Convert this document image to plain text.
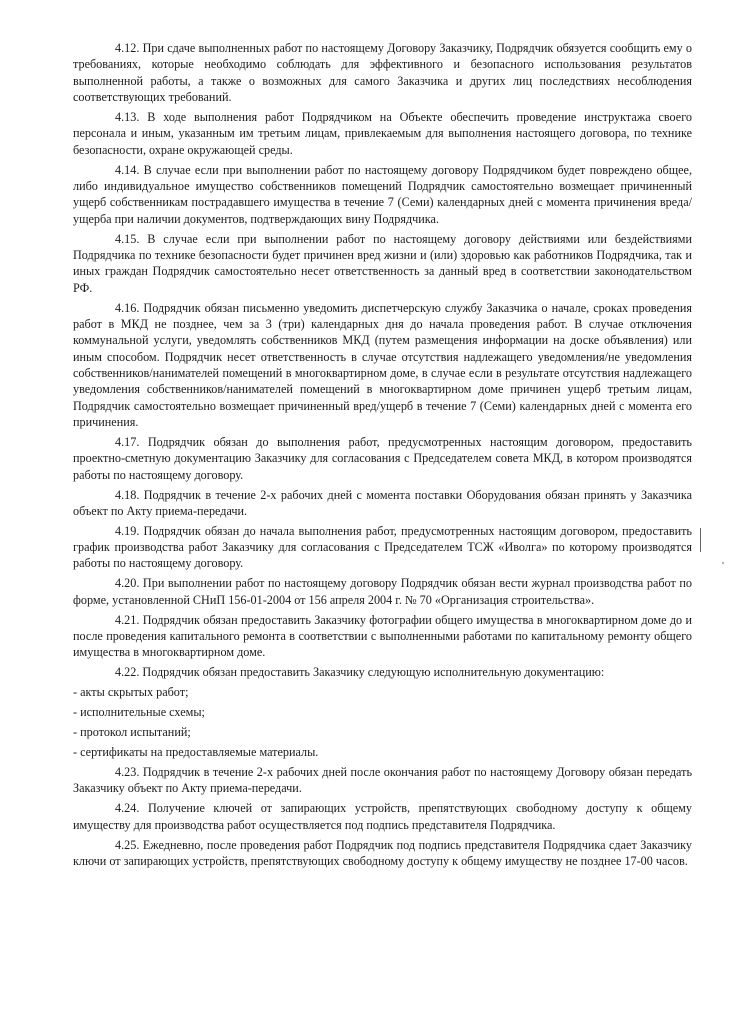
4.12. При сдаче выполненных работ по настоящему Договору Заказчику, Подрядчик обязуется сообщить ему о требованиях, которые необходимо соблюдать для эффективного и безопасного использования результатов выполненной работы, а также о возможных для самого Заказчика и других лиц последствиях несоблюдения соответствующих требований.

4.13. В ходе выполнения работ Подрядчиком на Объекте обеспечить проведение инструктажа своего персонала и иным, указанным им третьим лицам, привлекаемым для выполнения настоящего договора, по технике безопасности, охране окружающей среды.

4.14. В случае если при выполнении работ по настоящему договору Подрядчиком будет повреждено общее, либо индивидуальное имущество собственников помещений Подрядчик самостоятельно возмещает причиненный ущерб собственникам пострадавшего имущества в течение 7 (Семи) календарных дней с момента причинения вреда/ ущерба при наличии документов, подтверждающих вину Подрядчика.

4.15. В случае если при выполнении работ по настоящему договору действиями или бездействиями Подрядчика по технике безопасности будет причинен вред жизни и (или) здоровью как работников Подрядчика, так и иных граждан Подрядчик самостоятельно несет ответственность за данный вред в соответствии законодательством РФ.

4.16. Подрядчик обязан письменно уведомить диспетчерскую службу Заказчика о начале, сроках проведения работ в МКД не позднее, чем за 3 (три) календарных дня до начала проведения работ. В случае отключения коммунальной услуги, уведомлять собственников МКД (путем размещения информации на доске объявления) или иным способом. Подрядчик несет ответственность в случае отсутствия надлежащего уведомления/не уведомления собственников/нанимателей помещений в многоквартирном доме, в случае если в результате отсутствия надлежащего уведомления собственников/нанимателей помещений в многоквартирном доме причинен ущерб третьим лицам, Подрядчик самостоятельно возмещает причиненный вред/ущерб в течение 7 (Семи) календарных дней с момента его причинения.

4.17. Подрядчик обязан до выполнения работ, предусмотренных настоящим договором, предоставить проектно-сметную документацию Заказчику для согласования с Председателем совета МКД, в котором производятся работы по настоящему договору.

4.18. Подрядчик в течение 2-х рабочих дней с момента поставки Оборудования обязан принять у Заказчика объект по Акту приема-передачи.

4.19. Подрядчик обязан до начала выполнения работ, предусмотренных настоящим договором, предоставить график производства работ Заказчику для согласования с Председателем ТСЖ «Иволга» по которому производятся работы по настоящему договору.

4.20. При выполнении работ по настоящему договору Подрядчик обязан вести журнал производства работ по форме, установленной СНиП 156-01-2004 от 156 апреля 2004 г. № 70 «Организация строительства».

4.21. Подрядчик обязан предоставить Заказчику фотографии общего имущества в многоквартирном доме до и после проведения капитального ремонта в соответствии с выполненными работами по капитальному ремонту общего имущества в многоквартирном доме.

4.22. Подрядчик обязан предоставить Заказчику следующую исполнительную документацию:

- акты скрытых работ;
- исполнительные схемы;
- протокол испытаний;
- сертификаты на предоставляемые материалы.

4.23. Подрядчик в течение 2-х рабочих дней после окончания работ по настоящему Договору обязан передать Заказчику объект по Акту приема-передачи.

4.24. Получение ключей от запирающих устройств, препятствующих свободному доступу к общему имуществу для производства работ осуществляется под подпись представителя Подрядчика.

4.25. Ежедневно, после проведения работ Подрядчик под подпись представителя Подрядчика сдает Заказчику ключи от запирающих устройств, препятствующих свободному доступу к общему имуществу не позднее 17-00 часов.
